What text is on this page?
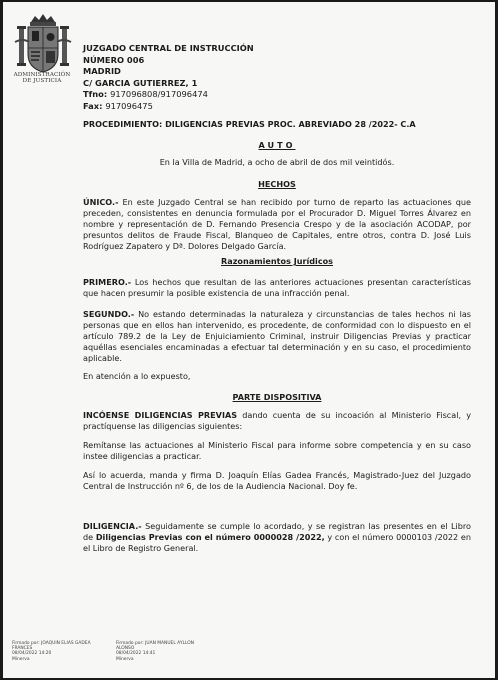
ADMINISTRACIÓN
DE JUSTICIA
JUZGADO CENTRAL DE INSTRUCCIÓN
NÚMERO 006
MADRID
C/ GARCIA GUTIERREZ, 1
Tfno: 917096808/917096474
Fax: 917096475
PROCEDIMIENTO: DILIGENCIAS PREVIAS PROC. ABREVIADO 28 /2022- C.A
AUTO
En la Villa de Madrid, a ocho de abril de dos mil veintidós.
HECHOS
ÚNICO.- En este Juzgado Central se han recibido por turno de reparto las actuaciones que preceden, consistentes en denuncia formulada por el Procurador D. Miguel Torres Álvarez en nombre y representación de D. Fernando Presencia Crespo y de la asociación ACODAP, por presuntos delitos de Fraude Fiscal, Blanqueo de Capitales, entre otros, contra D. José Luis Rodríguez Zapatero y Dª. Dolores Delgado García.
Razonamientos Jurídicos
PRIMERO.- Los hechos que resultan de las anteriores actuaciones presentan características que hacen presumir la posible existencia de una infracción penal.
SEGUNDO.- No estando determinadas la naturaleza y circunstancias de tales hechos ni las personas que en ellos han intervenido, es procedente, de conformidad con lo dispuesto en el artículo 789.2 de la Ley de Enjuiciamiento Criminal, instruir Diligencias Previas y practicar aquéllas esenciales encaminadas a efectuar tal determinación y en su caso, el procedimiento aplicable.
En atención a lo expuesto,
PARTE DISPOSITIVA
INCÓENSE DILIGENCIAS PREVIAS dando cuenta de su incoación al Ministerio Fiscal, y practíquense las diligencias siguientes:
Remítanse las actuaciones al Ministerio Fiscal para informe sobre competencia y en su caso instee diligencias a practicar.
Así lo acuerda, manda y firma D. Joaquín Elías Gadea Francés, Magistrado-Juez del Juzgado Central de Instrucción nº 6, de los de la Audiencia Nacional. Doy fe.
DILIGENCIA.- Seguidamente se cumple lo acordado, y se registran las presentes en el Libro de Diligencias Previas con el número 0000028 /2022, y con el número 0000103 /2022 en el Libro de Registro General.
Firmado por: JOAQUIN ELIAS GADEA
FRANCES
08/04/2022 14:20
Minerva
Firmado por: JUAN MANUEL AYLLON
ALONSO
08/04/2022 14:41
Minerva
